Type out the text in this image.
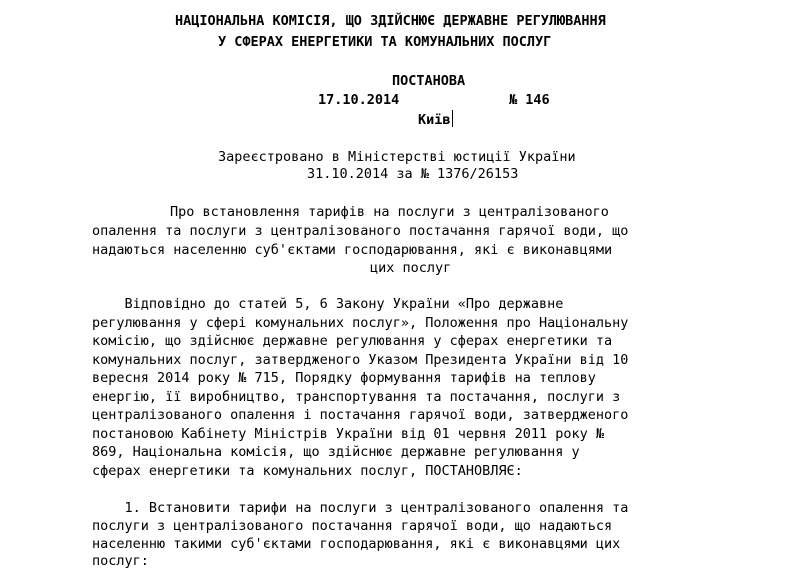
НАЦІОНАЛЬНА КОМІСІЯ, ЩО ЗДІЙСНЮЄ ДЕРЖАВНЕ РЕГУЛЮВАННЯ
У СФЕРАХ ЕНЕРГЕТИКИ ТА КОМУНАЛЬНИХ ПОСЛУГ
ПОСТАНОВА
17.10.2014	№ 146
Київ
Зареєстровано в Міністерстві юстиції України
31.10.2014 за № 1376/26153
Про встановлення тарифів на послуги з централізованого
опалення та послуги з централізованого постачання гарячої води, що
надаються населенню суб'єктами господарювання, які є виконавцями
цих послуг
Відповідно до статей 5, 6 Закону України «Про державне
регулювання у сфері комунальних послуг», Положення про Національну
комісію, що здійснює державне регулювання у сферах енергетики та
комунальних послуг, затвердженого Указом Президента України від 10
вересня 2014 року № 715, Порядку формування тарифів на теплову
енергію, її виробництво, транспортування та постачання, послуги з
централізованого опалення і постачання гарячої води, затвердженого
постановою Кабінету Міністрів України від 01 червня 2011 року №
869, Національна комісія, що здійснює державне регулювання у
сферах енергетики та комунальних послуг, ПОСТАНОВЛЯЄ:
1. Встановити тарифи на послуги з централізованого опалення та
послуги з централізованого постачання гарячої води, що надаються
населенню такими суб'єктами господарювання, які є виконавцями цих
послуг:
